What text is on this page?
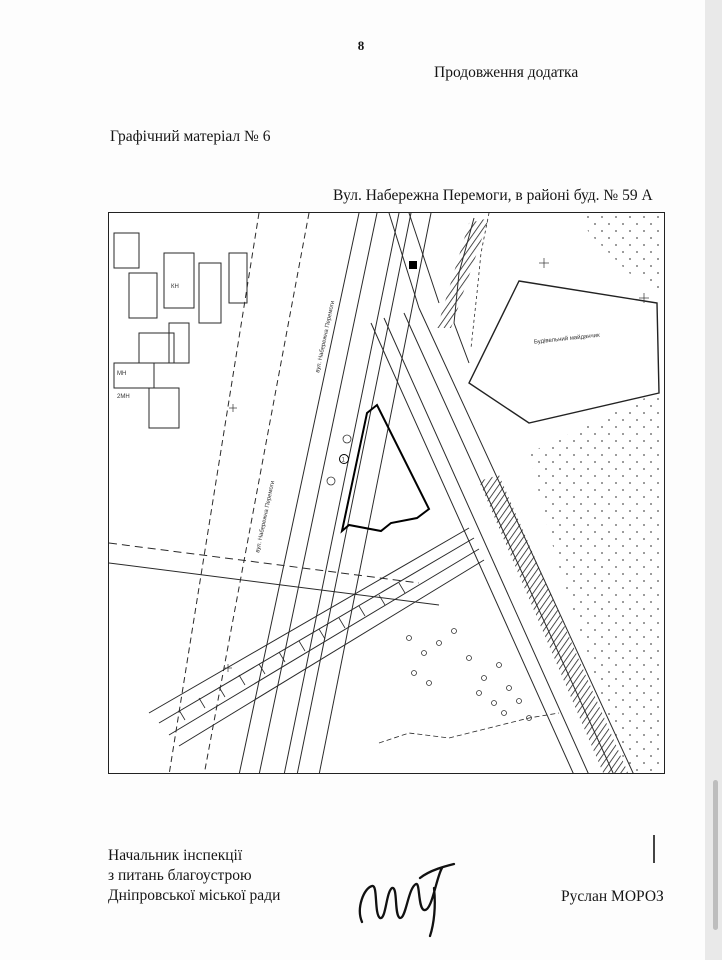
8
Продовження додатка
Графічний матеріал № 6
Вул. Набережна Перемоги, в районі буд. № 59 А
Будівельний майданчик
вул. Набережна Перемоги
вул. Набережна Перемоги
МН
2МН
КН
1
Начальник інспекції
з питань благоустрою
Дніпровської міської ради	Руслан МОРОЗ
